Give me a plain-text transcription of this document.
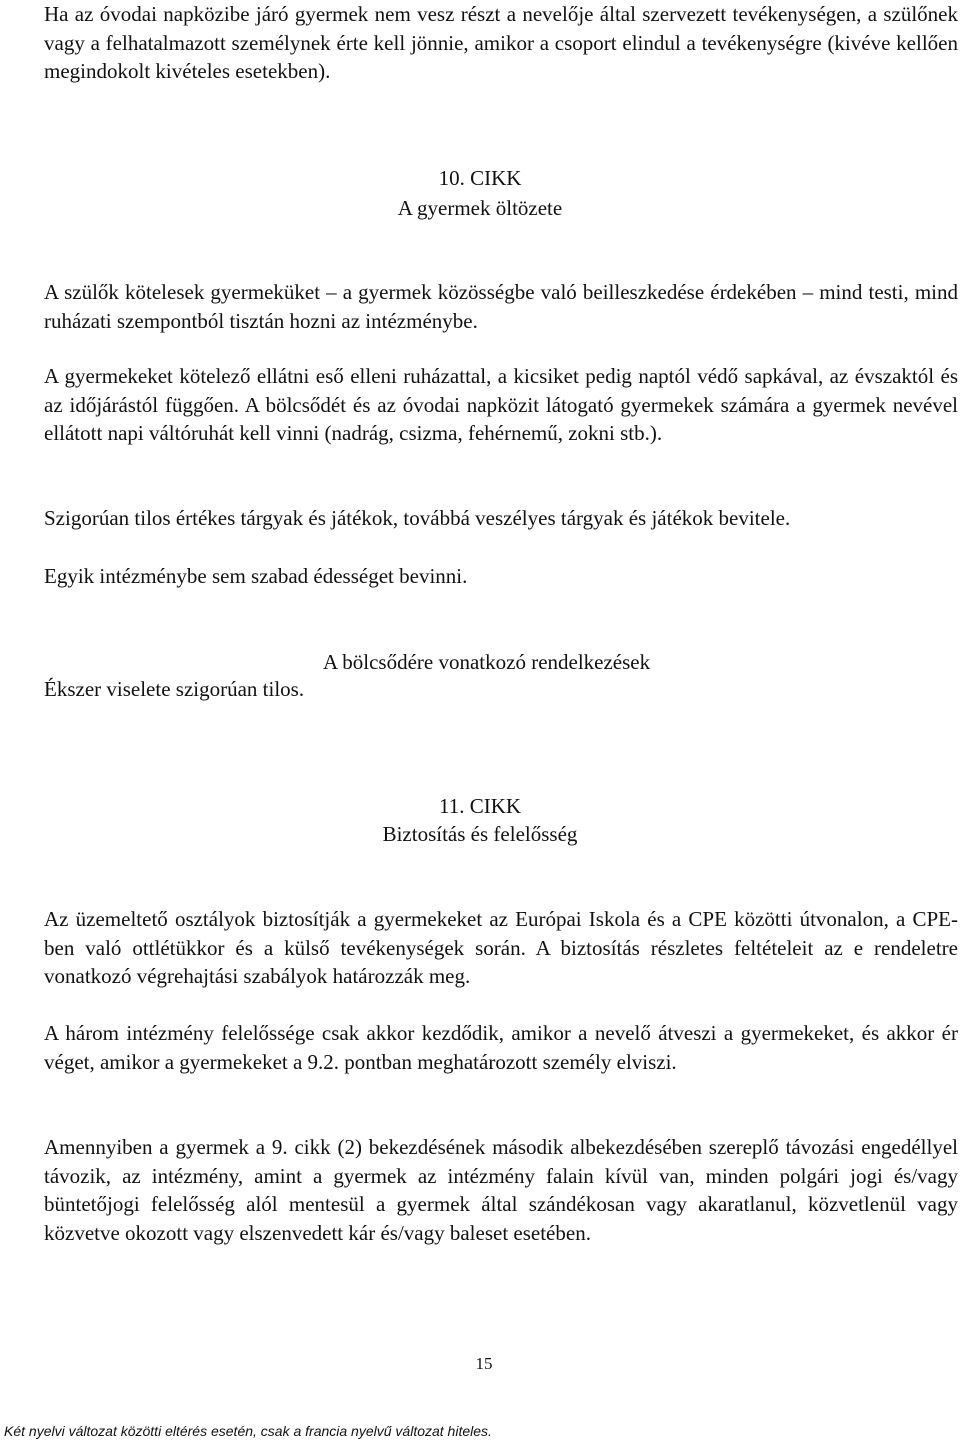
Ha az óvodai napközibe járó gyermek nem vesz részt a nevelője által szervezett tevékenységen, a szülőnek vagy a felhatalmazott személynek érte kell jönnie, amikor a csoport elindul a tevékenységre (kivéve kellően megindokolt kivételes esetekben).

10. CIKK

A gyermek öltözete

A szülők kötelesek gyermeküket – a gyermek közösségbe való beilleszkedése érdekében – mind testi, mind ruházati szempontból tisztán hozni az intézménybe.

A gyermekeket kötelező ellátni eső elleni ruházattal, a kicsiket pedig naptól védő sapkával, az évszaktól és az időjárástól függően. A bölcsődét és az óvodai napközit látogató gyermekek számára a gyermek nevével ellátott napi váltóruhát kell vinni (nadrág, csizma, fehérnemű, zokni stb.).

Szigorúan tilos értékes tárgyak és játékok, továbbá veszélyes tárgyak és játékok bevitele.

Egyik intézménybe sem szabad édességet bevinni.

A bölcsődére vonatkozó rendelkezések

Ékszer viselete szigorúan tilos.

11. CIKK

Biztosítás és felelősség

Az üzemeltető osztályok biztosítják a gyermekeket az Európai Iskola és a CPE közötti útvonalon, a CPE-ben való ottlétükkor és a külső tevékenységek során. A biztosítás részletes feltételeit az e rendeletre vonatkozó végrehajtási szabályok határozzák meg.

A három intézmény felelőssége csak akkor kezdődik, amikor a nevelő átveszi a gyermekeket, és akkor ér véget, amikor a gyermekeket a 9.2. pontban meghatározott személy elviszi.

Amennyiben a gyermek a 9. cikk (2) bekezdésének második albekezdésében szereplő távozási engedéllyel távozik, az intézmény, amint a gyermek az intézmény falain kívül van, minden polgári jogi és/vagy büntetőjogi felelősség alól mentesül a gyermek által szándékosan vagy akaratlanul, közvetlenül vagy közvetve okozott vagy elszenvedett kár és/vagy baleset esetében.

15
Két nyelvi változat közötti eltérés esetén, csak a francia nyelvű változat hiteles.
